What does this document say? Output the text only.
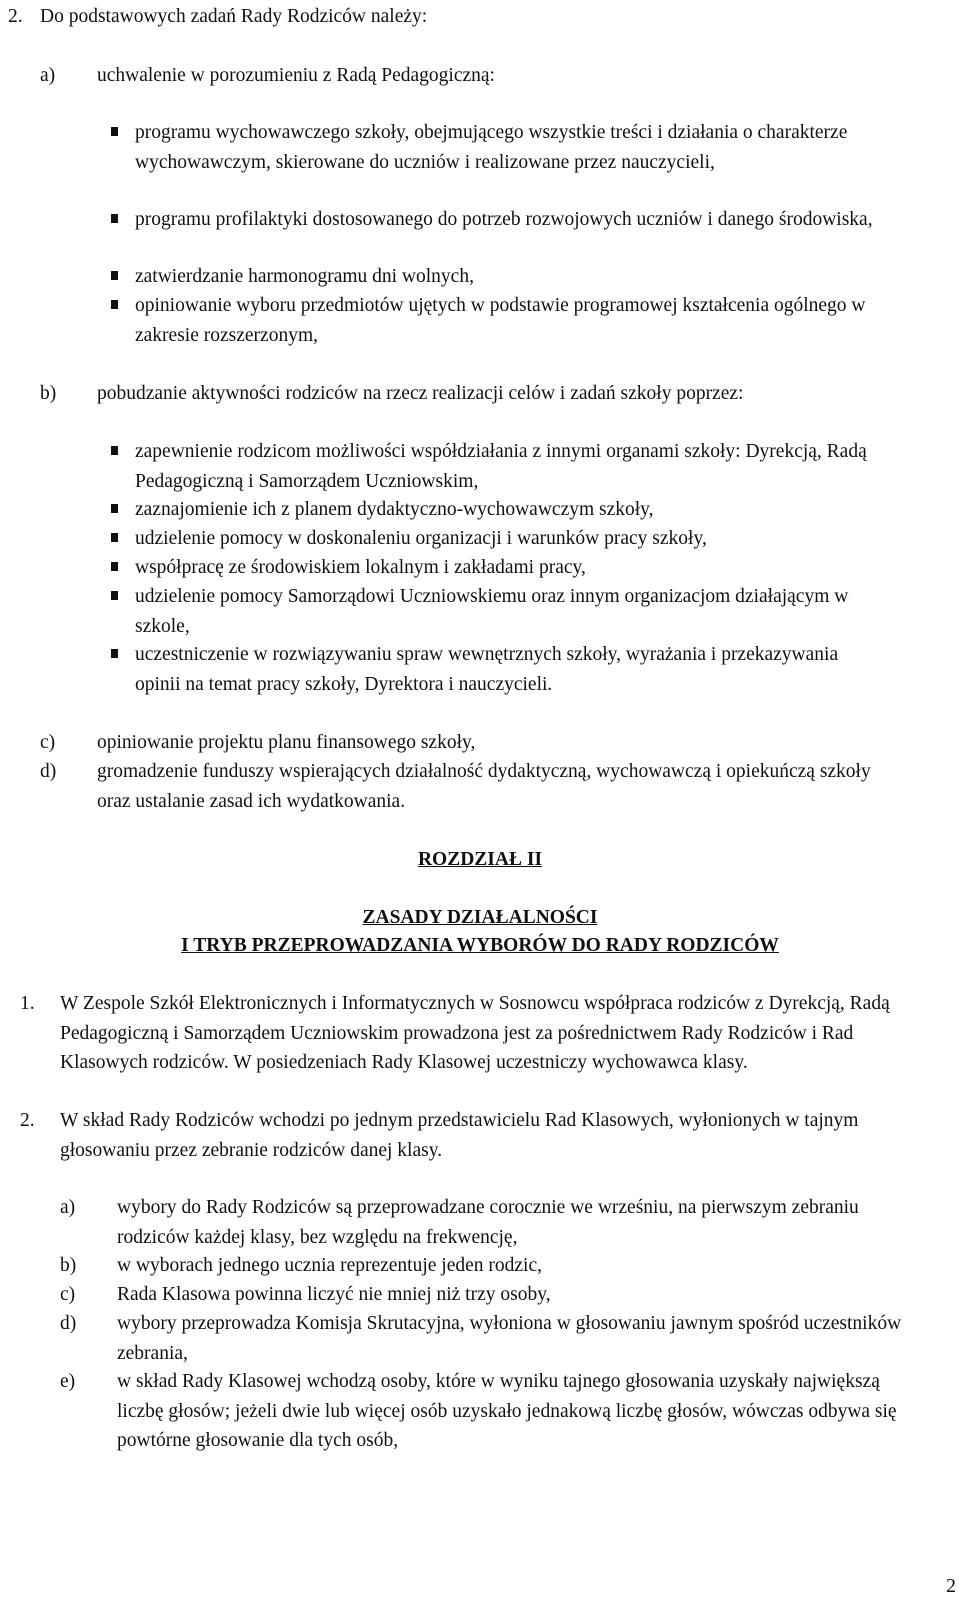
2. Do podstawowych zadań Rady Rodziców należy:
a) uchwalenie w porozumieniu z Radą Pedagogiczną:
programu wychowawczego szkoły, obejmującego wszystkie treści i działania o charakterze wychowawczym, skierowane do uczniów i realizowane przez nauczycieli,
programu profilaktyki dostosowanego do potrzeb rozwojowych uczniów i danego środowiska,
zatwierdzanie harmonogramu dni wolnych,
opiniowanie wyboru przedmiotów ujętych w podstawie programowej kształcenia ogólnego w zakresie rozszerzonym,
b) pobudzanie aktywności rodziców na rzecz realizacji celów i zadań szkoły poprzez:
zapewnienie rodzicom możliwości współdziałania z innymi organami szkoły: Dyrekcją, Radą Pedagogiczną i Samorządem Uczniowskim,
zaznajomienie ich z planem dydaktyczno-wychowawczym szkoły,
udzielenie pomocy w doskonaleniu organizacji i warunków pracy szkoły,
współpracę ze środowiskiem lokalnym i zakładami pracy,
udzielenie pomocy Samorządowi Uczniowskiemu oraz innym organizacjom działającym w szkole,
uczestniczenie w rozwiązywaniu spraw wewnętrznych szkoły, wyrażania i przekazywania opinii na temat pracy szkoły, Dyrektora i nauczycieli.
c) opiniowanie projektu planu finansowego szkoły,
d) gromadzenie funduszy wspierających działalność dydaktyczną, wychowawczą i opiekuńczą szkoły oraz ustalanie zasad ich wydatkowania.
ROZDZIAŁ II
ZASADY DZIAŁALNOŚCI
I TRYB PRZEPROWADZANIA WYBORÓW DO RADY RODZICÓW
1. W Zespole Szkół Elektronicznych i Informatycznych w Sosnowcu współpraca rodziców z Dyrekcją, Radą Pedagogiczną i Samorządem Uczniowskim prowadzona jest za pośrednictwem Rady Rodziców i Rad Klasowych rodziców. W posiedzeniach Rady Klasowej uczestniczy wychowawca klasy.
2. W skład Rady Rodziców wchodzi po jednym przedstawicielu Rad Klasowych, wyłonionych w tajnym głosowaniu przez zebranie rodziców danej klasy.
a) wybory do Rady Rodziców są przeprowadzane corocznie we wrześniu, na pierwszym zebraniu rodziców każdej klasy, bez względu na frekwencję,
b) w wyborach jednego ucznia reprezentuje jeden rodzic,
c) Rada Klasowa powinna liczyć nie mniej niż trzy osoby,
d) wybory przeprowadza Komisja Skrutacyjna, wyłoniona w głosowaniu jawnym spośród uczestników zebrania,
e) w skład Rady Klasowej wchodzą osoby, które w wyniku tajnego głosowania uzyskały największą liczbę głosów; jeżeli dwie lub więcej osób uzyskało jednakową liczbę głosów, wówczas odbywa się powtórne głosowanie dla tych osób,
2
